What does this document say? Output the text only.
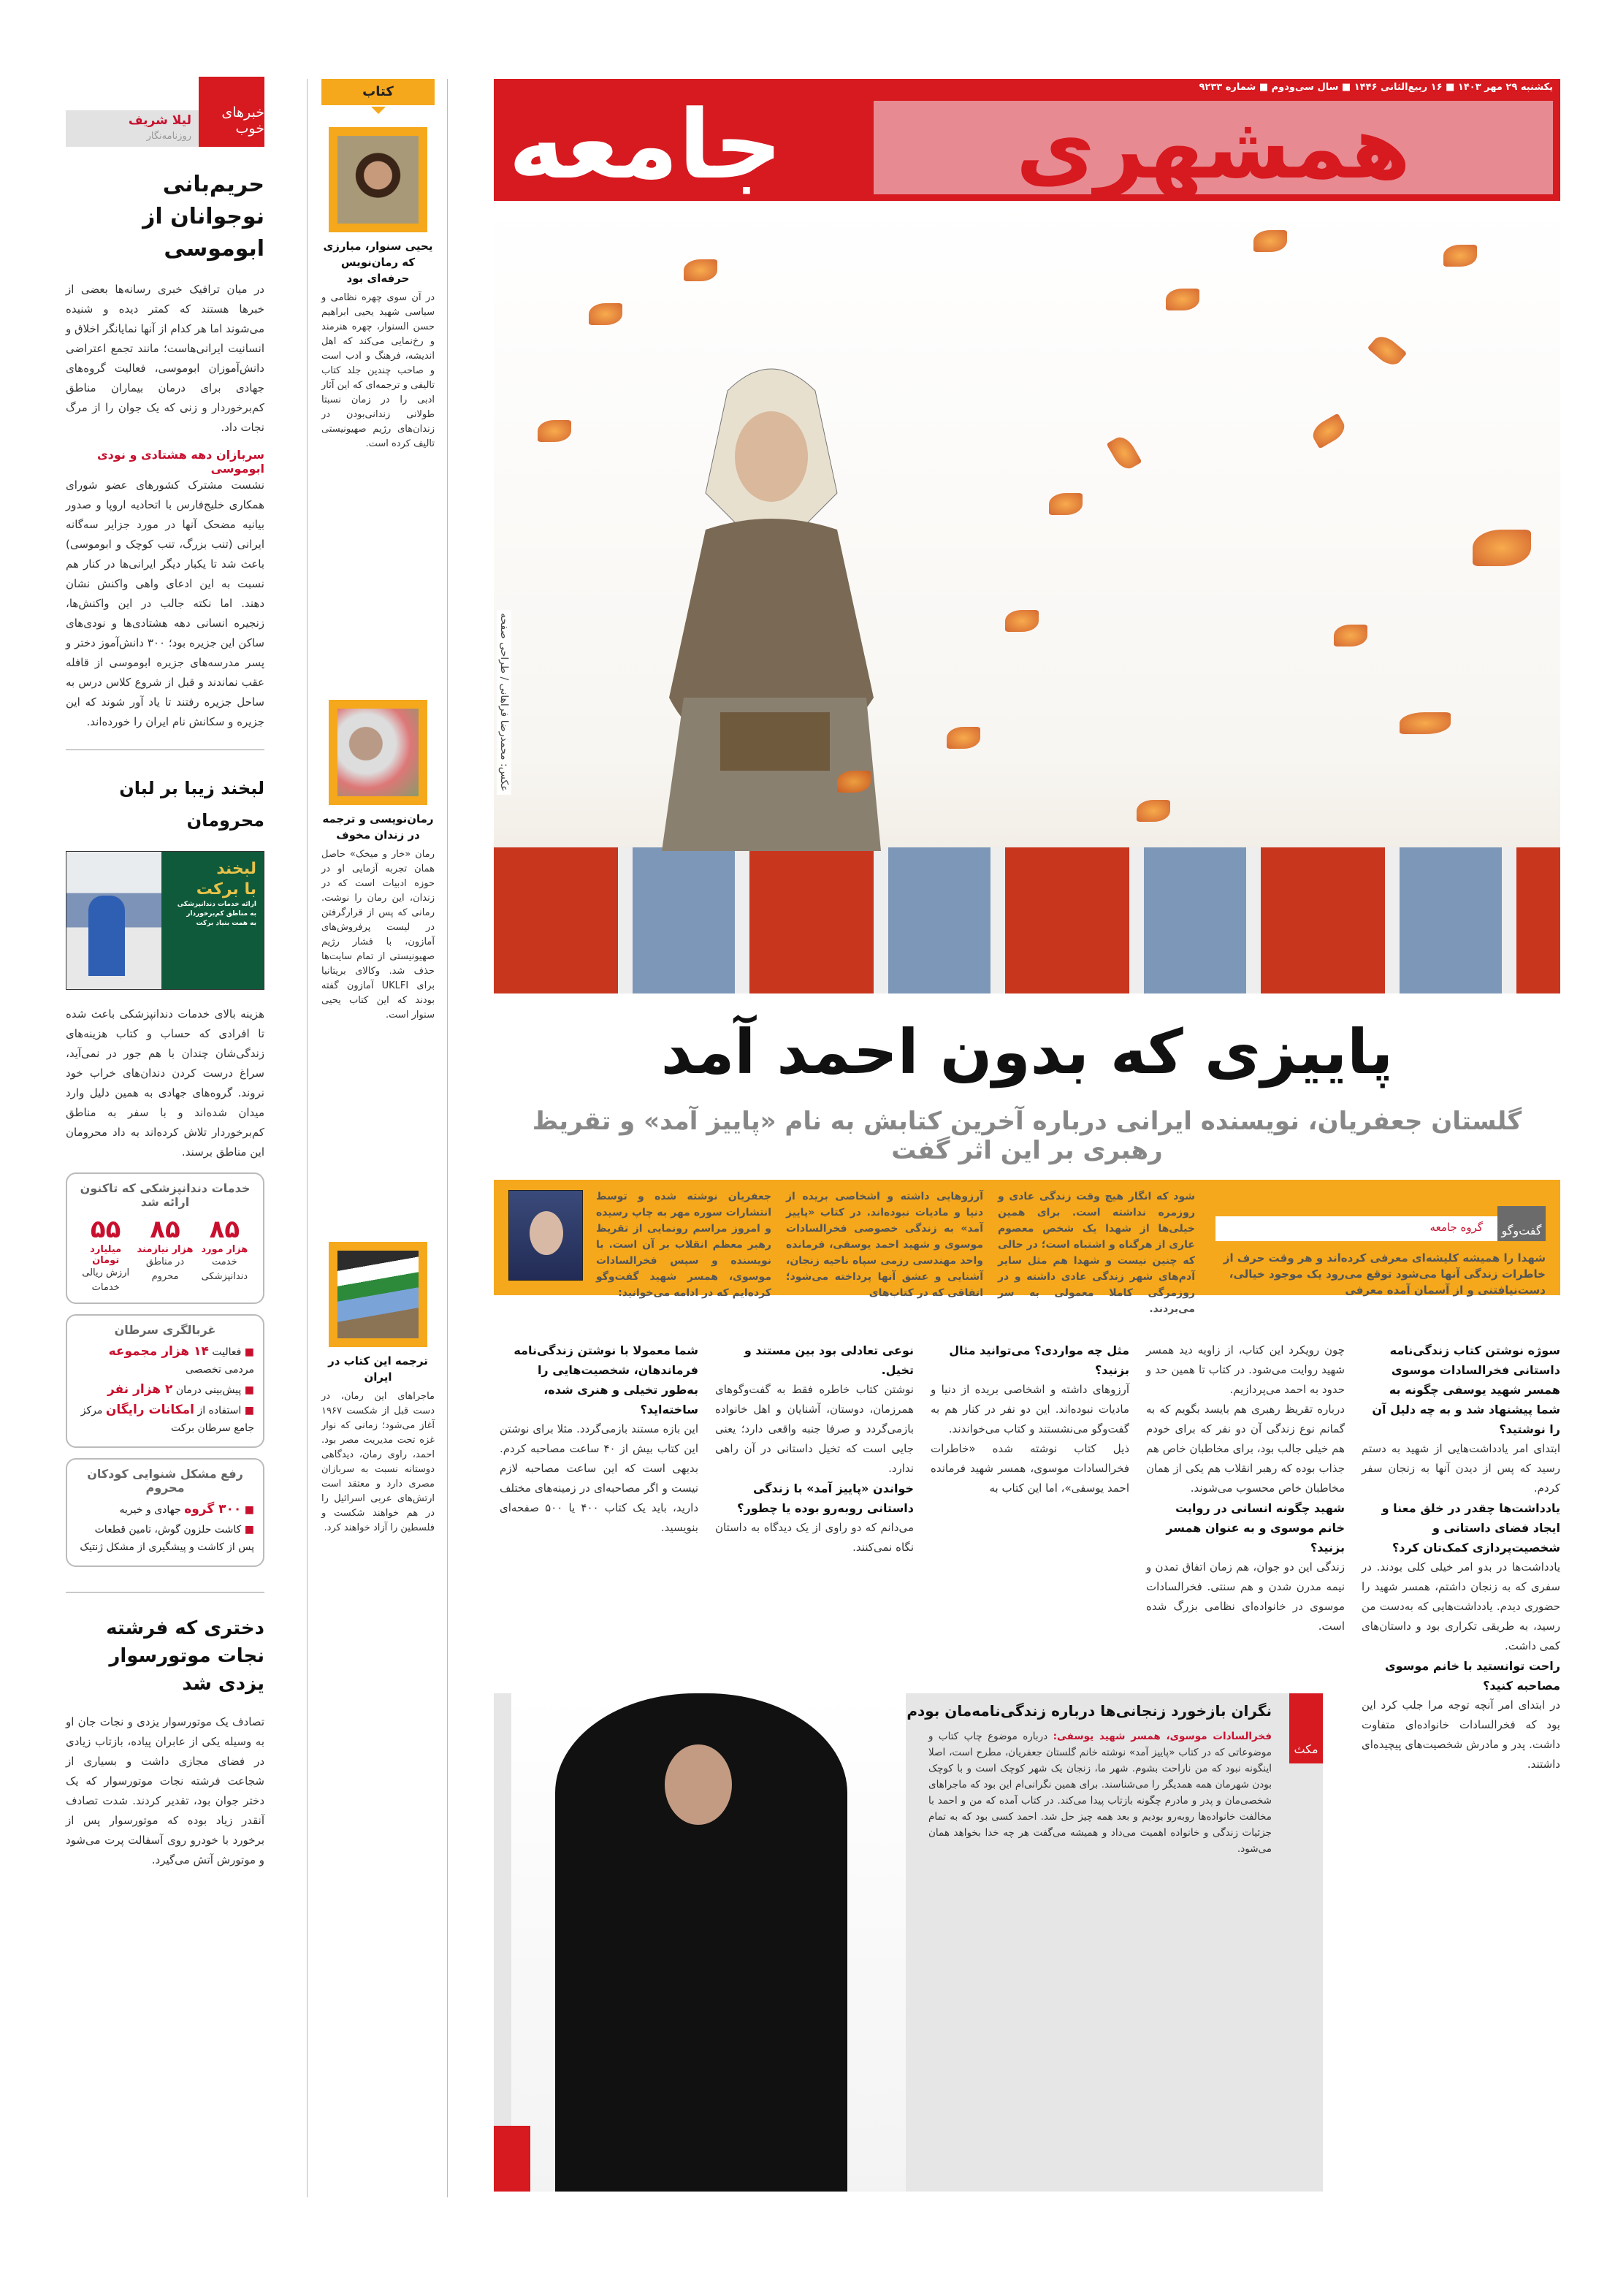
خبرهای خوب
لیلا شریف
روزنامه‌نگار
حریم‌بانی نوجوانان از ابوموسی

در میان ترافیک خبری رسانه‌ها بعضی از خبرها هستند که کمتر دیده و شنیده می‌شوند اما هر کدام از آنها نمایانگر اخلاق و انسانیت ایرانی‌هاست؛ مانند تجمع اعتراضی دانش‌آموزان ابوموسی، فعالیت گروه‌های جهادی برای درمان بیماران مناطق کم‌برخوردار و زنی که یک جوان را از مرگ نجات داد.

سربازان دهه هشتادی و نودی ابوموسی

نشست مشترک کشورهای عضو شورای همکاری خلیج‌فارس با اتحادیه اروپا و صدور بیانیه مضحک آنها در مورد جزایر سه‌گانه ایرانی (تنب بزرگ، تنب کوچک و ابوموسی) باعث شد تا یکبار دیگر ایرانی‌ها در کنار هم نسبت به این ادعای واهی واکنش نشان دهند. اما نکته جالب در این واکنش‌ها، زنجیره انسانی دهه هشتادی‌ها و نودی‌های ساکن این جزیره بود؛ ۳۰۰ دانش‌آموز دختر و پسر مدرسه‌های جزیره ابوموسی از قافله عقب نماندند و قبل از شروع کلاس درس به ساحل جزیره رفتند تا یاد آور شوند که این جزیره و سکانش نام ایران را خورده‌اند.

لبخند زیبا بر لبان محرومان
لبخند
با برکت
ارائه خدمات دندانپزشکی
به مناطق کم‌برخوردار
به همت بنیاد برکت

هزینه بالای خدمات دندانپزشکی باعث شده تا افرادی که حساب و کتاب هزینه‌های زندگی‌شان چندان با هم جور در نمی‌آید، سراغ درست کردن دندان‌های خراب خود نروند. گروه‌های جهادی به همین دلیل وارد میدان شده‌اند و با سفر به مناطق کم‌برخوردار تلاش کرده‌اند به داد محرومان این مناطق برسند.

خدمات دندانپزشکی که تاکنون ارائه شد
۸۵
هزار مورد
خدمت دندانپزشکی
۸۵
هزار نیازمند
در مناطق محروم
۵۵
میلیارد تومان
ارزش ریالی خدمات
غربالگری سرطان
■ فعالیت ۱۴ هزار مجموعه مردمی تخصصی
■ پیش‌بینی درمان ۲ هزار نفر
■ استفاده از امکانات رایگان مرکز جامع سرطان برکت
رفع مشکل شنوایی کودکان محروم
■ ۳۰۰ گروه جهادی و خیریه
■ کاشت حلزون گوش، تامین قطعات پس از کاشت و پیشگیری از مشکل ژنتیک
دختری که فرشته نجات موتورسوار یزدی شد

تصادف یک موتورسوار یزدی و نجات جان او به وسیله یکی از عابران پیاده، بازتاب زیادی در فضای مجازی داشت و بسیاری از شجاعت فرشته نجات موتورسوار که یک دختر جوان بود، تقدیر کردند. شدت تصادف آنقدر زیاد بوده که موتورسوار پس از برخورد با خودرو روی آسفالت پرت می‌شود و موتورش آتش می‌گیرد.

کتاب
یحیی سنوار، مبارزی که رمان‌نویس حرفه‌ای بود

در آن سوی چهره نظامی و سیاسی شهید یحیی ابراهیم حسن السنوار، چهره هنرمند و رخ‌نمایی می‌کند که اهل اندیشه، فرهنگ و ادب است و صاحب چندین جلد کتاب تالیفی و ترجمه‌ای که این آثار ادبی را در زمان نسبتا طولانی زندانی‌بودن در زندان‌های رژیم صهیونیستی تالیف کرده است.

رمان‌نویسی و ترجمه در زندان مخوف

رمان «خار و میخک» حاصل همان تجربه آزمایی او در حوزه ادبیات است که در زندان، این رمان را نوشت. رمانی که پس از قرارگرفتن در لیست پرفروش‌های آمازون، با فشار رژیم صهیونیستی از تمام سایت‌ها حذف شد. وکالای بریتانیا برای UKLFI آمازون گفته بودند که این کتاب یحیی سنوار است.

ترجمه این کتاب در ایران

ماجراهای این رمان، در دست قبل از شکست ۱۹۶۷ آغاز می‌شود؛ زمانی که نوار غزه تحت مدیریت مصر بود. احمد، راوی رمان، دیدگاهی دوستانه نسبت به سربازان مصری دارد و معتقد است ارتش‌های عربی اسرائیل را در هم خواهند شکست و فلسطین را آزاد خواهند کرد.

یکشنبه ۲۹ مهر ۱۴۰۳ ■ ۱۶ ربیع‌الثانی ۱۴۴۶ ■ سال سی‌ودوم ■ شماره ۹۲۳۳
همشهری
جامعه
عکس: محمدرضا فراهانی / طراحی صفحه
پاییزی که بدون احمد آمد
گلستان جعفریان، نویسنده ایرانی درباره آخرین کتابش به نام «پاییز آمد» و تقریظ رهبری بر این اثر گفت
گفت‌وگو
گروه جامعه
شهدا را همیشه کلیشه‌ای معرفی کرده‌اند و هر وقت حرف از خاطرات زندگی آنها می‌شود توقع می‌رود یک موجود خیالی، دست‌نیافتنی و از آسمان آمده معرفی
شود که انگار هیچ وقت زندگی عادی و روزمره نداشته است. برای همین خیلی‌ها از شهدا یک شخص معصوم عاری از هرگناه و اشتباه است؛ در حالی که چنین نیست و شهدا هم مثل سایر آدم‌های شهر زندگی عادی داشته و در روزمرگی کاملا معمولی به سر می‌بردند.
آرزوهایی داشته و اشخاصی بریده از دنیا و مادیات نبوده‌اند. در کتاب «پاییز آمد» به زندگی خصوصی فخرالسادات موسوی و شهید احمد یوسفی، فرمانده واحد مهندسی رزمی سپاه ناحیه زنجان، آشنایی و عشق آنها پرداخته می‌شود؛ اتفاقی که در کتاب‌های
جعفریان نوشته شده و توسط انتشارات سوره مهر به چاپ رسیده و امروز مراسم رونمایی از تقریظ رهبر معظم انقلاب بر آن است. با نویسنده و سپس فخرالسادات موسوی، همسر شهید گفت‌وگو کرده‌ایم که در ادامه می‌خوانید:

سوژه نوشتن کتاب زندگی‌نامه داستانی فخرالسادات موسوی همسر شهید یوسفی چگونه به شما پیشنهاد شد و به چه دلیل آن را نوشتید؟

ابتدای امر یادداشت‌هایی از شهید به دستم رسید که پس از دیدن آنها به زنجان سفر کردم.

یادداشت‌ها چقدر در خلق معنا و ایجاد فضای داستانی و شخصیت‌پردازی کمک‌تان کرد؟

یادداشت‌ها در بدو امر خیلی کلی بودند. در سفری که به زنجان داشتم، همسر شهید را حضوری دیدم. یادداشت‌هایی که به‌دست من رسید، به طریقی تکراری بود و داستان‌های کمی داشت.

راحت توانستید با خانم موسوی مصاحبه کنید؟

در ابتدای امر آنچه توجه مرا جلب کرد این بود که فخرالسادات خانواده‌ای متفاوت داشت. پدر و مادرش شخصیت‌های پیچیده‌ای داشتند.

چون رویکرد این کتاب، از زاویه دید همسر شهید روایت می‌شود. در کتاب تا همین حد و حدود به احمد می‌پردازیم.

درباره تقریظ رهبری هم بایسد بگویم که به گمانم نوع زندگی آن دو نفر که برای خودم هم خیلی جالب بود، برای مخاطبان خاص هم جذاب بوده که رهبر انقلاب هم یکی از همان مخاطبان خاص محسوب می‌شوند.

شهید چگونه انسانی در روایت خانم موسوی و به عنوان همسر بزنید؟

زندگی این دو جوان، هم زمان اتفاق تمدن و نیمه مدرن شدن و هم سنتی. فخرالسادات موسوی در خانواده‌ای نظامی بزرگ شده است.

مثل چه مواردی؟ می‌توانید مثال بزنید؟

آرزوهای داشته و اشخاصی بریده از دنیا و مادیات نبوده‌اند. این دو نفر در کنار هم به گفت‌وگو می‌نشستند و کتاب می‌خواندند.

ذیل کتاب نوشته شده «خاطرات فخرالسادات موسوی، همسر شهید فرمانده احمد یوسفی»، اما این کتاب به

نوعی تعادلی بود بین مستند و تخیل.

نوشتن کتاب خاطره فقط به گفت‌وگوهای همرزمان، دوستان، آشنایان و اهل خانواده بازمی‌گردد و صرفا جنبه واقعی دارد؛ یعنی جایی است که تخیل داستانی در آن راهی ندارد.

خواندن «پاییز آمد» با زندگی داستانی روبه‌رو بوده یا چطور؟

می‌دانم که دو راوی از یک دیدگاه به داستان نگاه نمی‌کنند.

شما معمولا با نوشتن زندگی‌نامه فرماندهان، شخصیت‌هایی را به‌طور تخیلی و هنری شده، ساخته‌اید؟

این بازه مستند بازمی‌گردد. مثلا برای نوشتن این کتاب بیش از ۴۰ ساعت مصاحبه کردم. بدیهی است که این ساعت مصاحبه لازم نیست و اگر مصاحبه‌ای در زمینه‌های مختلف دارید، باید یک کتاب ۴۰۰ یا ۵۰۰ صفحه‌ای بنویسید.

مکث
نگران بازخورد زنجانی‌ها درباره زندگی‌نامه‌مان بودم
فخرالسادات موسوی، همسر شهید یوسفی: درباره موضوع چاپ کتاب و موضوعاتی که در کتاب «پاییز آمد» نوشته خانم گلستان جعفریان، مطرح است، اصلا اینگونه نبود که من ناراحت بشوم. شهر ما، زنجان یک شهر کوچک است و با کوچک بودن شهرمان همه همدیگر را می‌شناسند. برای همین نگرانی‌ام این بود که ماجراهای شخصی‌مان و پدر و مادرم چگونه بازتاب پیدا می‌کند. در کتاب آمده که من و احمد با مخالفت خانواده‌ها روبه‌رو بودیم و بعد همه چیز حل شد. احمد کسی بود که به تمام جزئیات زندگی و خانواده اهمیت می‌داد و همیشه می‌گفت هر چه خدا بخواهد همان می‌شود.
